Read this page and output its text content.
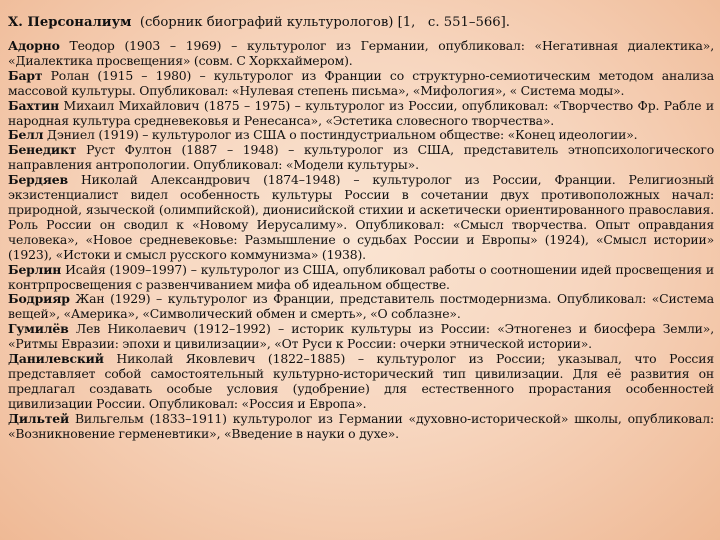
Х. Персоналиум  (сборник биографий культурологов) [1,   с. 551–566].

Адорно Теодор (1903 – 1969) – культуролог из Германии, опубликовал: «Негативная диалектика», «Диалектика просвещения» (совм. С Хоркхаймером).

Барт Ролан (1915 – 1980) – культуролог из Франции со структурно-семиотическим методом анализа массовой культуры. Опубликовал: «Нулевая степень письма», «Мифология», « Система моды».

Бахтин Михаил Михайлович (1875 – 1975) – культуролог из России, опубликовал: «Творчество Фр. Рабле и народная культура средневековья и Ренесанса», «Эстетика словесного творчества».

Белл Дэниел (1919) – культуролог из США о постиндустриальном обществе: «Конец идеологии».

Бенедикт Руст Фултон (1887 – 1948) – культуролог из США, представитель этнопсихологического направления антропологии. Опубликовал: «Модели культуры».

Бердяев Николай Александрович (1874–1948) – культуролог из России, Франции. Религиозный экзистенциалист видел особенность культуры России в сочетании двух противоположных начал: природной, языческой (олимпийской), дионисийской стихии и аскетически ориентированного православия. Роль России он сводил к «Новому Иерусалиму». Опубликовал: «Смысл творчества. Опыт оправдания человека», «Новое средневековье: Размышление о судьбах России и Европы» (1924), «Смысл истории» (1923), «Истоки и смысл русского коммунизма» (1938).

Берлин Исайя (1909–1997) – культуролог из США, опубликовал работы о соотношении идей просвещения и контрпросвещения с развенчиванием мифа об идеальном обществе.

Бодрияр Жан (1929) – культуролог из Франции, представитель постмодернизма. Опубликовал: «Система вещей», «Америка», «Символический обмен и смерть», «О соблазне».

Гумилёв Лев Николаевич (1912–1992) – историк культуры из России: «Этногенез и биосфера Земли», «Ритмы Евразии: эпохи и цивилизации», «От Руси к России: очерки этнической истории».

Данилевский Николай Яковлевич (1822–1885) – культуролог из России; указывал, что Россия представляет собой самостоятельный культурно-исторический тип цивилизации. Для её развития он предлагал создавать особые условия (удобрение) для естественного прорастания особенностей цивилизации России. Опубликовал: «Россия и Европа».

Дильтей Вильгельм (1833–1911) культуролог из Германии «духовно-исторической» школы, опубликовал: «Возникновение герменевтики», «Введение в науки о духе».
